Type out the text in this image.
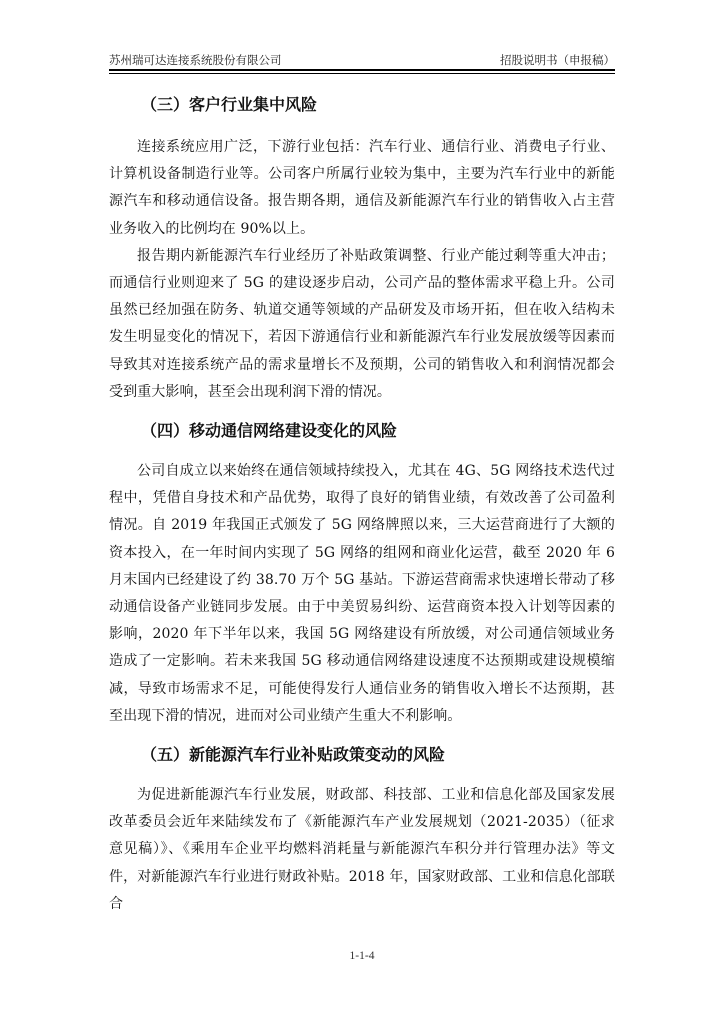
苏州瑞可达连接系统股份有限公司	招股说明书（申报稿）
（三）客户行业集中风险

连接系统应用广泛，下游行业包括：汽车行业、通信行业、消费电子行业、计算机设备制造行业等。公司客户所属行业较为集中，主要为汽车行业中的新能源汽车和移动通信设备。报告期各期，通信及新能源汽车行业的销售收入占主营业务收入的比例均在 90%以上。

报告期内新能源汽车行业经历了补贴政策调整、行业产能过剩等重大冲击；而通信行业则迎来了 5G 的建设逐步启动，公司产品的整体需求平稳上升。公司虽然已经加强在防务、轨道交通等领域的产品研发及市场开拓，但在收入结构未发生明显变化的情况下，若因下游通信行业和新能源汽车行业发展放缓等因素而导致其对连接系统产品的需求量增长不及预期，公司的销售收入和利润情况都会受到重大影响，甚至会出现利润下滑的情况。

（四）移动通信网络建设变化的风险

公司自成立以来始终在通信领域持续投入，尤其在 4G、5G 网络技术迭代过程中，凭借自身技术和产品优势，取得了良好的销售业绩，有效改善了公司盈利情况。自 2019 年我国正式颁发了 5G 网络牌照以来，三大运营商进行了大额的资本投入，在一年时间内实现了 5G 网络的组网和商业化运营，截至 2020 年 6 月末国内已经建设了约 38.70 万个 5G 基站。下游运营商需求快速增长带动了移动通信设备产业链同步发展。由于中美贸易纠纷、运营商资本投入计划等因素的影响，2020 年下半年以来，我国 5G 网络建设有所放缓，对公司通信领域业务造成了一定影响。若未来我国 5G 移动通信网络建设速度不达预期或建设规模缩减，导致市场需求不足，可能使得发行人通信业务的销售收入增长不达预期，甚至出现下滑的情况，进而对公司业绩产生重大不利影响。

（五）新能源汽车行业补贴政策变动的风险

为促进新能源汽车行业发展，财政部、科技部、工业和信息化部及国家发展改革委员会近年来陆续发布了《新能源汽车产业发展规划（2021-2035）（征求意见稿）》、《乘用车企业平均燃料消耗量与新能源汽车积分并行管理办法》等文件，对新能源汽车行业进行财政补贴。2018 年，国家财政部、工业和信息化部联合

1-1-4
